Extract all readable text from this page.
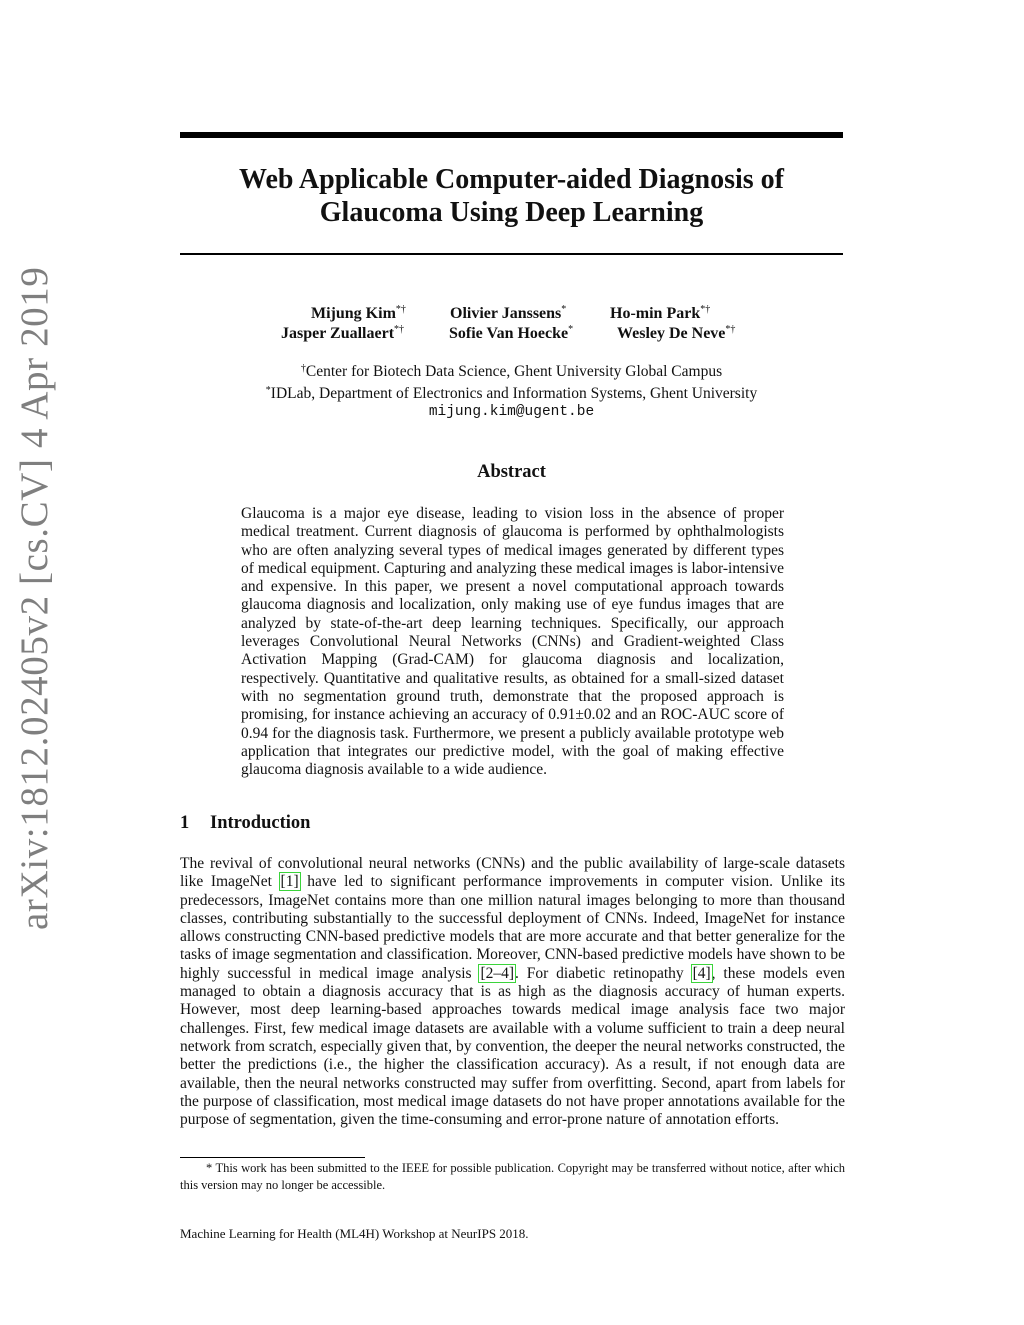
arXiv:1812.02405v2 [cs.CV] 4 Apr 2019
Web Applicable Computer-aided Diagnosis of
Glaucoma Using Deep Learning
Mijung Kim*†	Olivier Janssens*	Ho-min Park*†
Jasper Zuallaert*†	Sofie Van Hoecke*	Wesley De Neve*†
†Center for Biotech Data Science, Ghent University Global Campus
*IDLab, Department of Electronics and Information Systems, Ghent University
mijung.kim@ugent.be
Abstract
Glaucoma is a major eye disease, leading to vision loss in the absence of proper medical treatment. Current diagnosis of glaucoma is performed by ophthalmologists who are often analyzing several types of medical images generated by different types of medical equipment. Capturing and analyzing these medical images is labor-intensive and expensive. In this paper, we present a novel computational approach towards glaucoma diagnosis and localization, only making use of eye fundus images that are analyzed by state-of-the-art deep learning techniques. Specifically, our approach leverages Convolutional Neural Networks (CNNs) and Gradient-weighted Class Activation Mapping (Grad-CAM) for glaucoma diagnosis and localization, respectively. Quantitative and qualitative results, as obtained for a small-sized dataset with no segmentation ground truth, demonstrate that the proposed approach is promising, for instance achieving an accuracy of 0.91±0.02 and an ROC-AUC score of 0.94 for the diagnosis task. Furthermore, we present a publicly available prototype web application that integrates our predictive model, with the goal of making effective glaucoma diagnosis available to a wide audience.
1 Introduction
The revival of convolutional neural networks (CNNs) and the public availability of large-scale datasets like ImageNet [1] have led to significant performance improvements in computer vision. Unlike its predecessors, ImageNet contains more than one million natural images belonging to more than thousand classes, contributing substantially to the successful deployment of CNNs. Indeed, ImageNet for instance allows constructing CNN-based predictive models that are more accurate and that better generalize for the tasks of image segmentation and classification. Moreover, CNN-based predictive models have shown to be highly successful in medical image analysis [2–4]. For diabetic retinopathy [4], these models even managed to obtain a diagnosis accuracy that is as high as the diagnosis accuracy of human experts. However, most deep learning-based approaches towards medical image analysis face two major challenges. First, few medical image datasets are available with a volume sufficient to train a deep neural network from scratch, especially given that, by convention, the deeper the neural networks constructed, the better the predictions (i.e., the higher the classification accuracy). As a result, if not enough data are available, then the neural networks constructed may suffer from overfitting. Second, apart from labels for the purpose of classification, most medical image datasets do not have proper annotations available for the purpose of segmentation, given the time-consuming and error-prone nature of annotation efforts.
* This work has been submitted to the IEEE for possible publication. Copyright may be transferred without notice, after which this version may no longer be accessible.
Machine Learning for Health (ML4H) Workshop at NeurIPS 2018.
